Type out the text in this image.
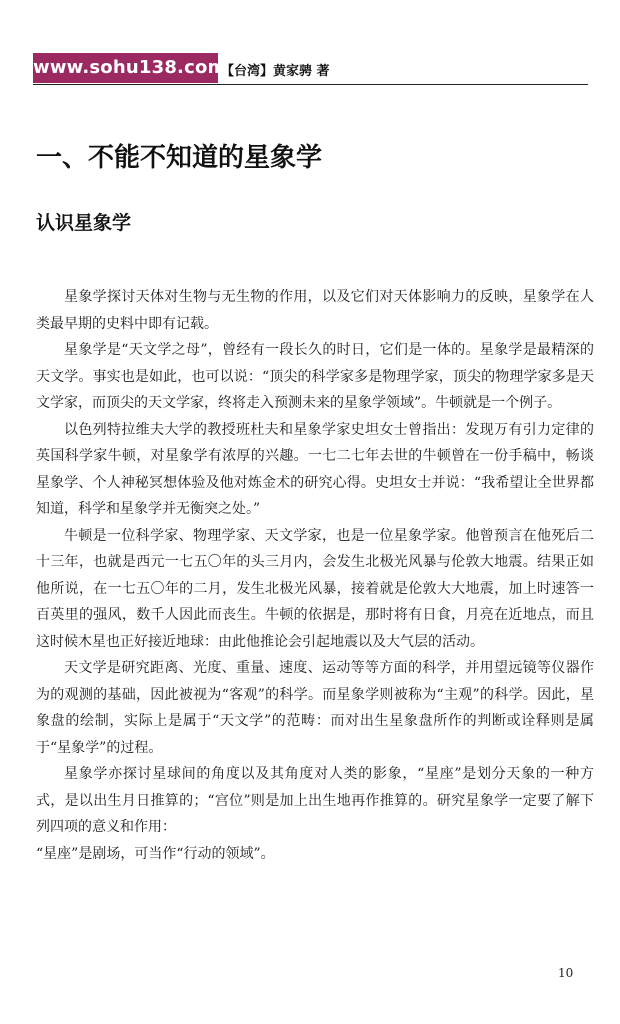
www.sohu138.com
【台湾】黄家骋 著
一、不能不知道的星象学
认识星象学

星象学探讨天体对生物与无生物的作用，以及它们对天体影响力的反映，星象学在人类最早期的史料中即有记载。

星象学是“天文学之母”，曾经有一段长久的时日，它们是一体的。星象学是最精深的天文学。事实也是如此，也可以说：“顶尖的科学家多是物理学家，顶尖的物理学家多是天文学家，而顶尖的天文学家，终将走入预测未来的星象学领域”。牛顿就是一个例子。

以色列特拉维夫大学的教授班杜夫和星象学家史坦女士曾指出：发现万有引力定律的英国科学家牛顿，对星象学有浓厚的兴趣。一七二七年去世的牛顿曾在一份手稿中，畅谈星象学、个人神秘冥想体验及他对炼金术的研究心得。史坦女士并说：“我希望让全世界都知道，科学和星象学并无衡突之处。”

牛顿是一位科学家、物理学家、天文学家，也是一位星象学家。他曾预言在他死后二十三年，也就是西元一七五〇年的头三月内，会发生北极光风暴与伦敦大地震。结果正如他所说，在一七五〇年的二月，发生北极光风暴，接着就是伦敦大大地震，加上时速答一百英里的强风，数千人因此而丧生。牛顿的依据是，那时将有日食，月亮在近地点，而且这时候木星也正好接近地球：由此他推论会引起地震以及大气层的活动。

天文学是研究距离、光度、重量、速度、运动等等方面的科学，并用望远镜等仪器作为的观测的基础，因此被视为“客观”的科学。而星象学则被称为“主观”的科学。因此，星象盘的绘制，实际上是属于“天文学”的范畴：而对出生星象盘所作的判断或诠释则是属于“星象学”的过程。

星象学亦探讨星球间的角度以及其角度对人类的影象，“星座”是划分天象的一种方式，是以出生月日推算的；“宫位”则是加上出生地再作推算的。研究星象学一定要了解下列四项的意义和作用：

“星座”是剧场，可当作“行动的领域”。

10
